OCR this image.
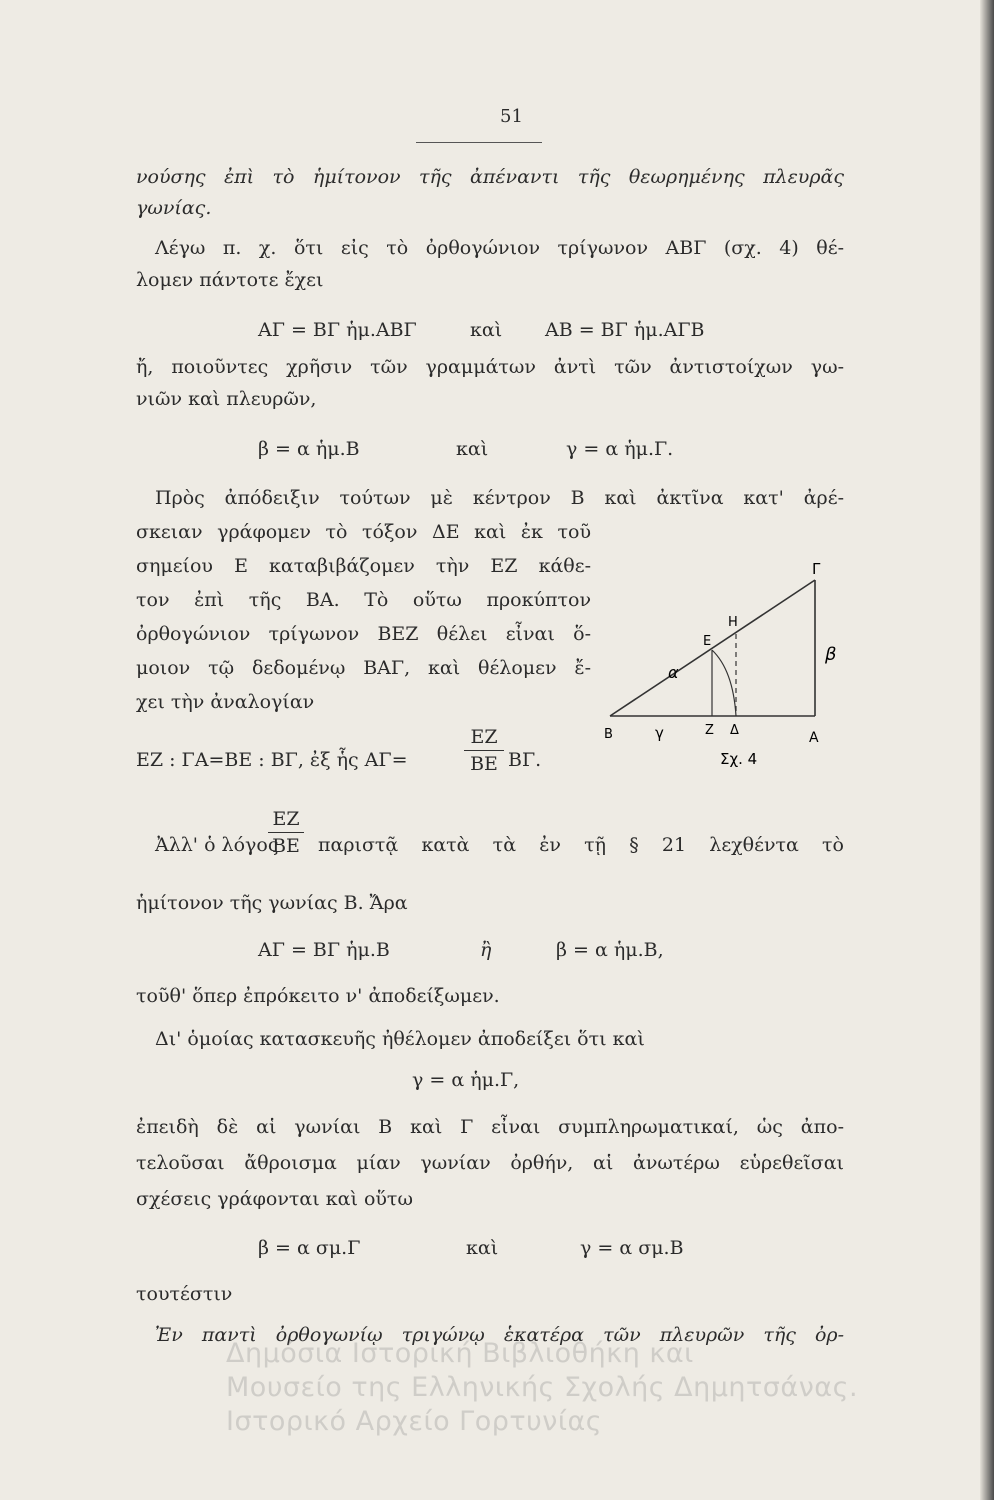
51
νούσης ἐπὶ τὸ ἡμίτονον τῆς ἀπέναντι τῆς θεωρημένης πλευρᾶς
γωνίας.
Λέγω π. χ. ὅτι εἰς τὸ ὀρθογώνιον τρίγωνον ΑΒΓ (σχ. 4) θέ-
λομεν πάντοτε ἔχει
ΑΓ = ΒΓ ἡμ.ΑΒΓ	καὶ ΑΒ = ΒΓ ἡμ.ΑΓΒ
ἤ, ποιοῦντες χρῆσιν τῶν γραμμάτων ἀντὶ τῶν ἀντιστοίχων γω-
νιῶν καὶ πλευρῶν,
β = α ἡμ.Β	καὶ	γ = α ἡμ.Γ.
Πρὸς ἀπόδειξιν τούτων μὲ κέντρον Β καὶ ἀκτῖνα κατ' ἀρέ-
σκειαν γράφομεν τὸ τόξον ΔΕ καὶ ἐκ τοῦ
σημείου Ε καταβιβάζομεν τὴν ΕΖ κάθε-
τον ἐπὶ τῆς ΒΑ. Τὸ οὕτω προκύπτον
ὀρθογώνιον τρίγωνον ΒΕΖ θέλει εἶναι ὅ-
μοιον τῷ δεδομένῳ ΒΑΓ, καὶ θέλομεν ἔ-
χει τὴν ἀναλογίαν
ΕΖ : ΓΑ=ΒΕ : ΒΓ, ἐξ ἧς ΑΓ=
ΕΖ
ΒΕ ΒΓ.
Γ
Η
Ε
α
β
Β	γ	Ζ Δ	Α
Σχ. 4
Ἀλλ' ὁ λόγος
ΕΖ
ΒΕ παριστᾷ κατὰ τὰ ἐν τῇ § 21 λεχθέντα τὸ
ἡμίτονον τῆς γωνίας Β. Ἄρα
ΑΓ = ΒΓ ἡμ.Β	ἢ	β = α ἡμ.Β,
τοῦθ' ὅπερ ἐπρόκειτο ν' ἀποδείξωμεν.
Δι' ὁμοίας κατασκευῆς ἠθέλομεν ἀποδείξει ὅτι καὶ
γ = α ἡμ.Γ,
ἐπειδὴ δὲ αἱ γωνίαι Β καὶ Γ εἶναι συμπληρωματικαί, ὡς ἀπο-
τελοῦσαι ἄθροισμα μίαν γωνίαν ὀρθήν, αἱ ἀνωτέρω εὑρεθεῖσαι
σχέσεις γράφονται καὶ οὕτω
β = α σμ.Γ	καὶ	γ = α σμ.Β
τουτέστιν
Ἐν παντὶ ὀρθογωνίῳ τριγώνῳ ἑκατέρα τῶν πλευρῶν τῆς ὀρ-
Δημόσια Ιστορική Βιβλιοθήκη και
Μουσείο της Ελληνικής Σχολής Δημητσάνας.
Ιστορικό Αρχείο Γορτυνίας
